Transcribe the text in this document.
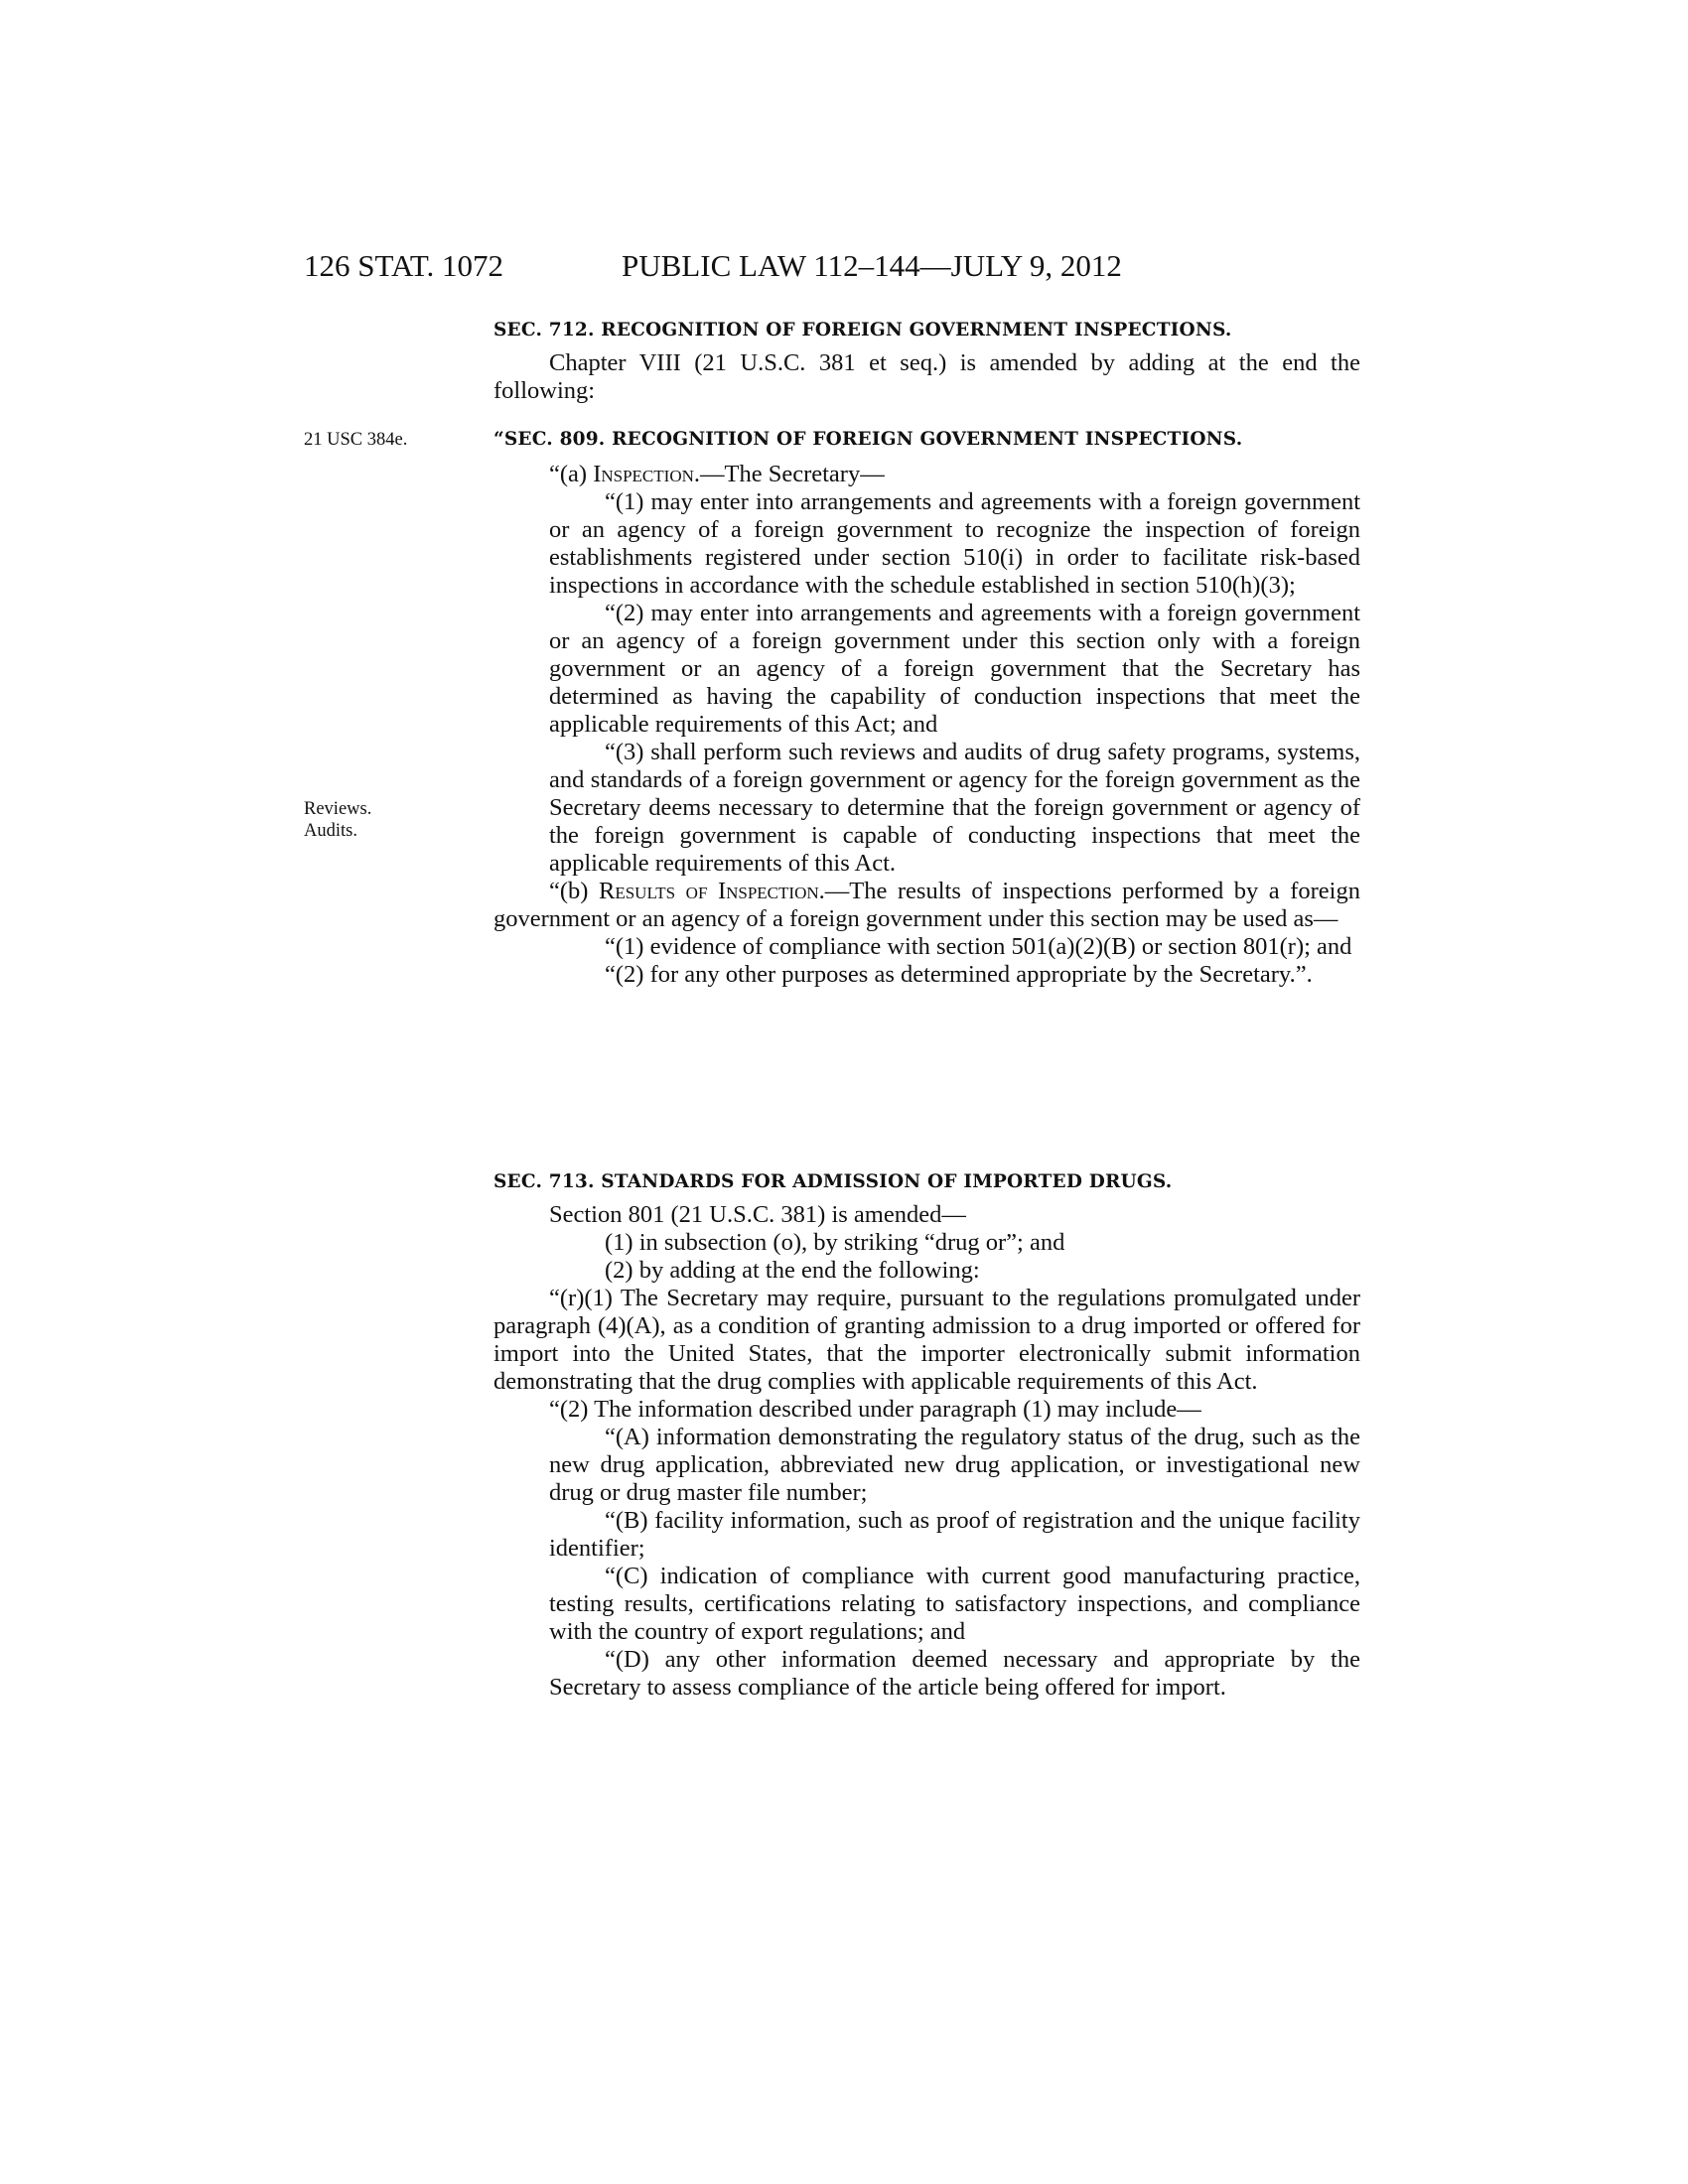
126 STAT. 1072	PUBLIC LAW 112–144—JULY 9, 2012
SEC. 712. RECOGNITION OF FOREIGN GOVERNMENT INSPECTIONS.

Chapter VIII (21 U.S.C. 381 et seq.) is amended by adding at the end the following:

21 USC 384e.
Reviews.
Audits.
“SEC. 809. RECOGNITION OF FOREIGN GOVERNMENT INSPECTIONS.

“(a) Inspection.—The Secretary—

“(1) may enter into arrangements and agreements with a foreign government or an agency of a foreign government to recognize the inspection of foreign establishments registered under section 510(i) in order to facilitate risk-based inspections in accordance with the schedule established in section 510(h)(3);

“(2) may enter into arrangements and agreements with a foreign government or an agency of a foreign government under this section only with a foreign government or an agency of a foreign government that the Secretary has determined as having the capability of conduction inspections that meet the applicable requirements of this Act; and

“(3) shall perform such reviews and audits of drug safety programs, systems, and standards of a foreign government or agency for the foreign government as the Secretary deems necessary to determine that the foreign government or agency of the foreign government is capable of conducting inspections that meet the applicable requirements of this Act.

“(b) Results of Inspection.—The results of inspections performed by a foreign government or an agency of a foreign government under this section may be used as—

“(1) evidence of compliance with section 501(a)(2)(B) or section 801(r); and

“(2) for any other purposes as determined appropriate by the Secretary.”.

SEC. 713. STANDARDS FOR ADMISSION OF IMPORTED DRUGS.

Section 801 (21 U.S.C. 381) is amended—

(1) in subsection (o), by striking “drug or”; and

(2) by adding at the end the following:

“(r)(1) The Secretary may require, pursuant to the regulations promulgated under paragraph (4)(A), as a condition of granting admission to a drug imported or offered for import into the United States, that the importer electronically submit information demonstrating that the drug complies with applicable requirements of this Act.

“(2) The information described under paragraph (1) may include—

“(A) information demonstrating the regulatory status of the drug, such as the new drug application, abbreviated new drug application, or investigational new drug or drug master file number;

“(B) facility information, such as proof of registration and the unique facility identifier;

“(C) indication of compliance with current good manufacturing practice, testing results, certifications relating to satisfactory inspections, and compliance with the country of export regulations; and

“(D) any other information deemed necessary and appropriate by the Secretary to assess compliance of the article being offered for import.
